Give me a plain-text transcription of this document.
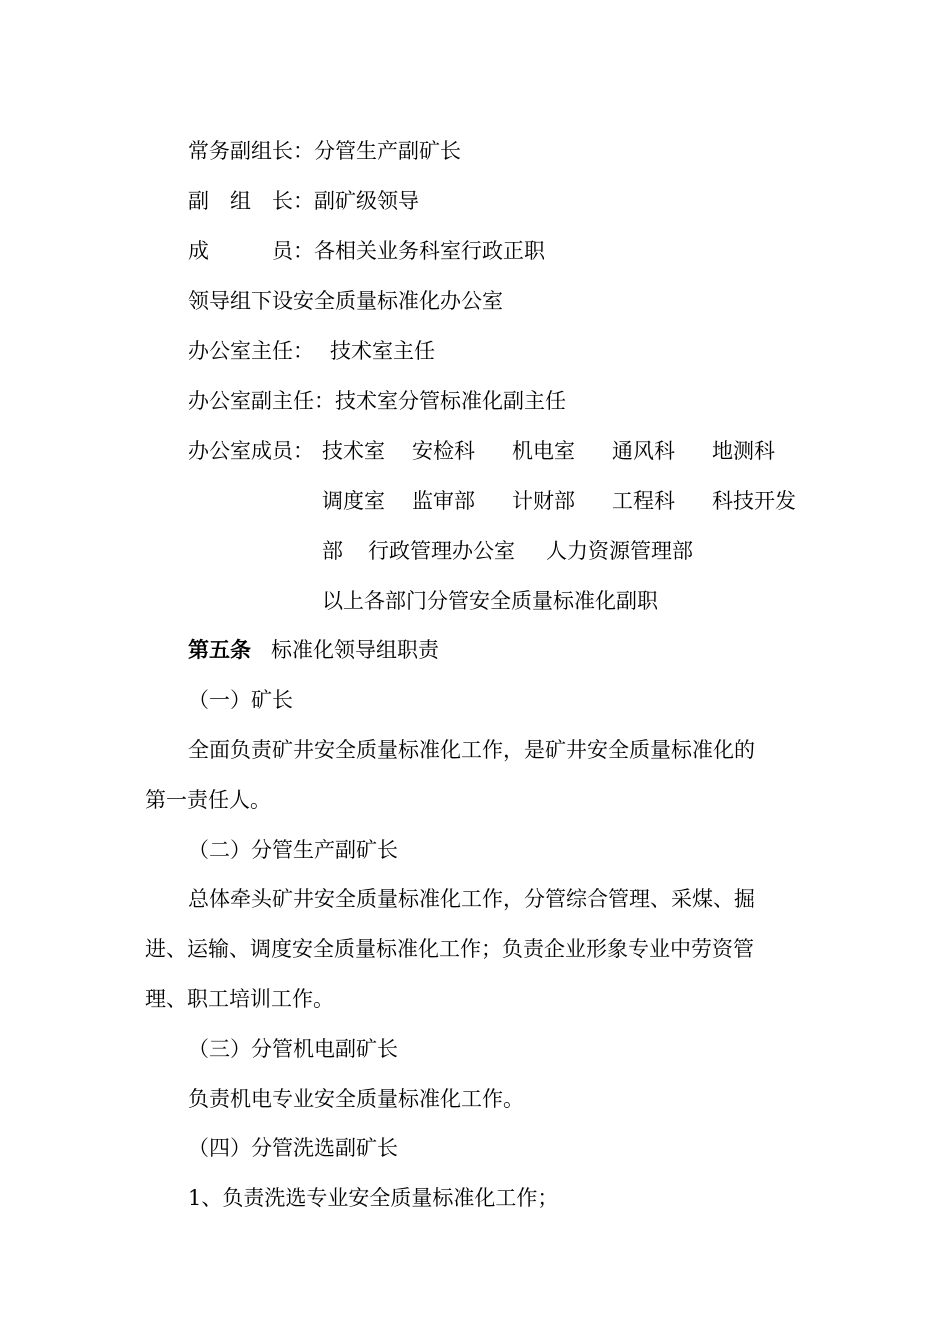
常务副组长：分管生产副矿长
副　组　长：副矿级领导
成　　　员：各相关业务科室行政正职
领导组下设安全质量标准化办公室
办公室主任： 技术室主任
办公室副主任：技术室分管标准化副主任
办公室成员： 技术室 安检科 机电室 通风科 地测科
调度室 监审部 计财部 工程科 科技开发
部 行政管理办公室 人力资源管理部
以上各部门分管安全质量标准化副职
第五条 标准化领导组职责
（一）矿长
全面负责矿井安全质量标准化工作，是矿井安全质量标准化的
第一责任人。
（二）分管生产副矿长
总体牵头矿井安全质量标准化工作，分管综合管理、采煤、掘
进、运输、调度安全质量标准化工作；负责企业形象专业中劳资管
理、职工培训工作。
（三）分管机电副矿长
负责机电专业安全质量标准化工作。
（四）分管洗选副矿长
1、负责洗选专业安全质量标准化工作；
